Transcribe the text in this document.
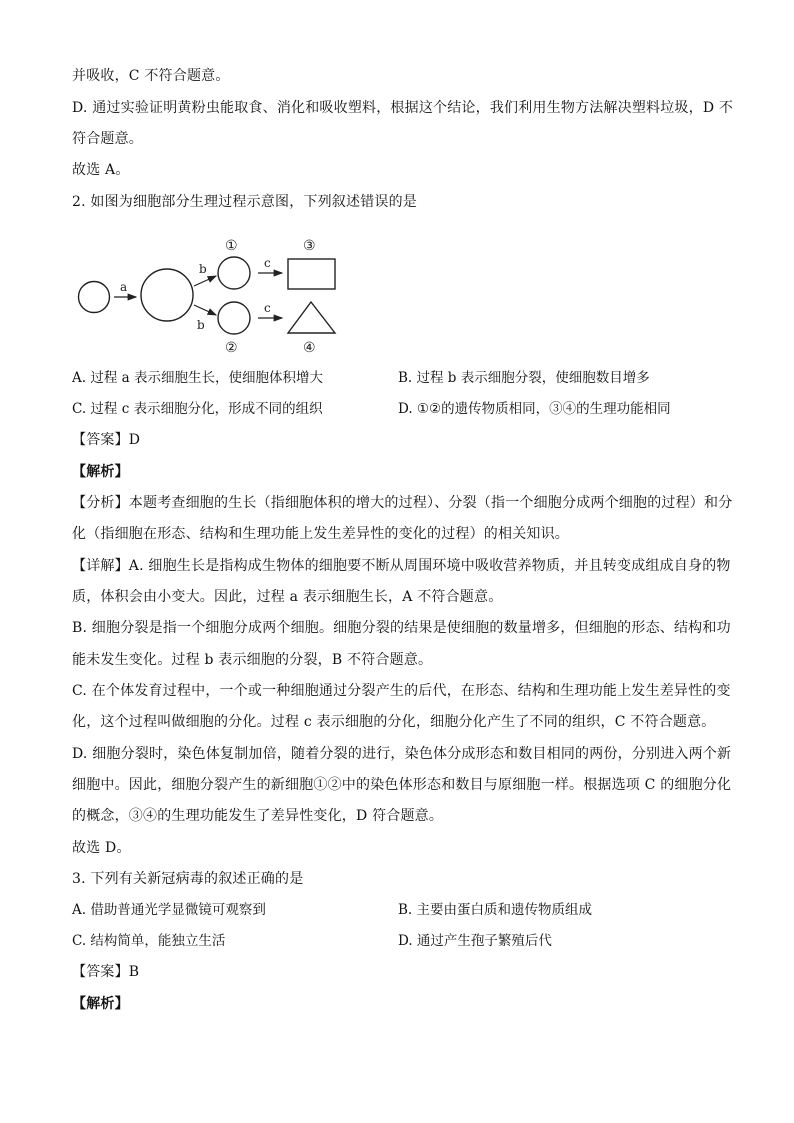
并吸收，C 不符合题意。
D. 通过实验证明黄粉虫能取食、消化和吸收塑料，根据这个结论，我们利用生物方法解决塑料垃圾，D 不
符合题意。
故选 A。
2. 如图为细胞部分生理过程示意图，下列叙述错误的是
a
b
b
①
②
c
c
③
④
A. 过程 a 表示细胞生长，使细胞体积增大	B. 过程 b 表示细胞分裂，使细胞数目增多
C. 过程 c 表示细胞分化，形成不同的组织	D. ①②的遗传物质相同，③④的生理功能相同
【答案】D
【解析】
【分析】本题考查细胞的生长（指细胞体积的增大的过程）、分裂（指一个细胞分成两个细胞的过程）和分
化（指细胞在形态、结构和生理功能上发生差异性的变化的过程）的相关知识。
【详解】A. 细胞生长是指构成生物体的细胞要不断从周围环境中吸收营养物质，并且转变成组成自身的物
质，体积会由小变大。因此，过程 a 表示细胞生长，A 不符合题意。
B. 细胞分裂是指一个细胞分成两个细胞。细胞分裂的结果是使细胞的数量增多，但细胞的形态、结构和功
能未发生变化。过程 b 表示细胞的分裂，B 不符合题意。
C. 在个体发育过程中，一个或一种细胞通过分裂产生的后代，在形态、结构和生理功能上发生差异性的变
化，这个过程叫做细胞的分化。过程 c 表示细胞的分化，细胞分化产生了不同的组织，C 不符合题意。
D. 细胞分裂时，染色体复制加倍，随着分裂的进行，染色体分成形态和数目相同的两份，分别进入两个新
细胞中。因此，细胞分裂产生的新细胞①②中的染色体形态和数目与原细胞一样。根据选项 C 的细胞分化
的概念，③④的生理功能发生了差异性变化，D 符合题意。
故选 D。
3. 下列有关新冠病毒的叙述正确的是
A. 借助普通光学显微镜可观察到	B. 主要由蛋白质和遗传物质组成
C. 结构简单，能独立生活	D. 通过产生孢子繁殖后代
【答案】B
【解析】
